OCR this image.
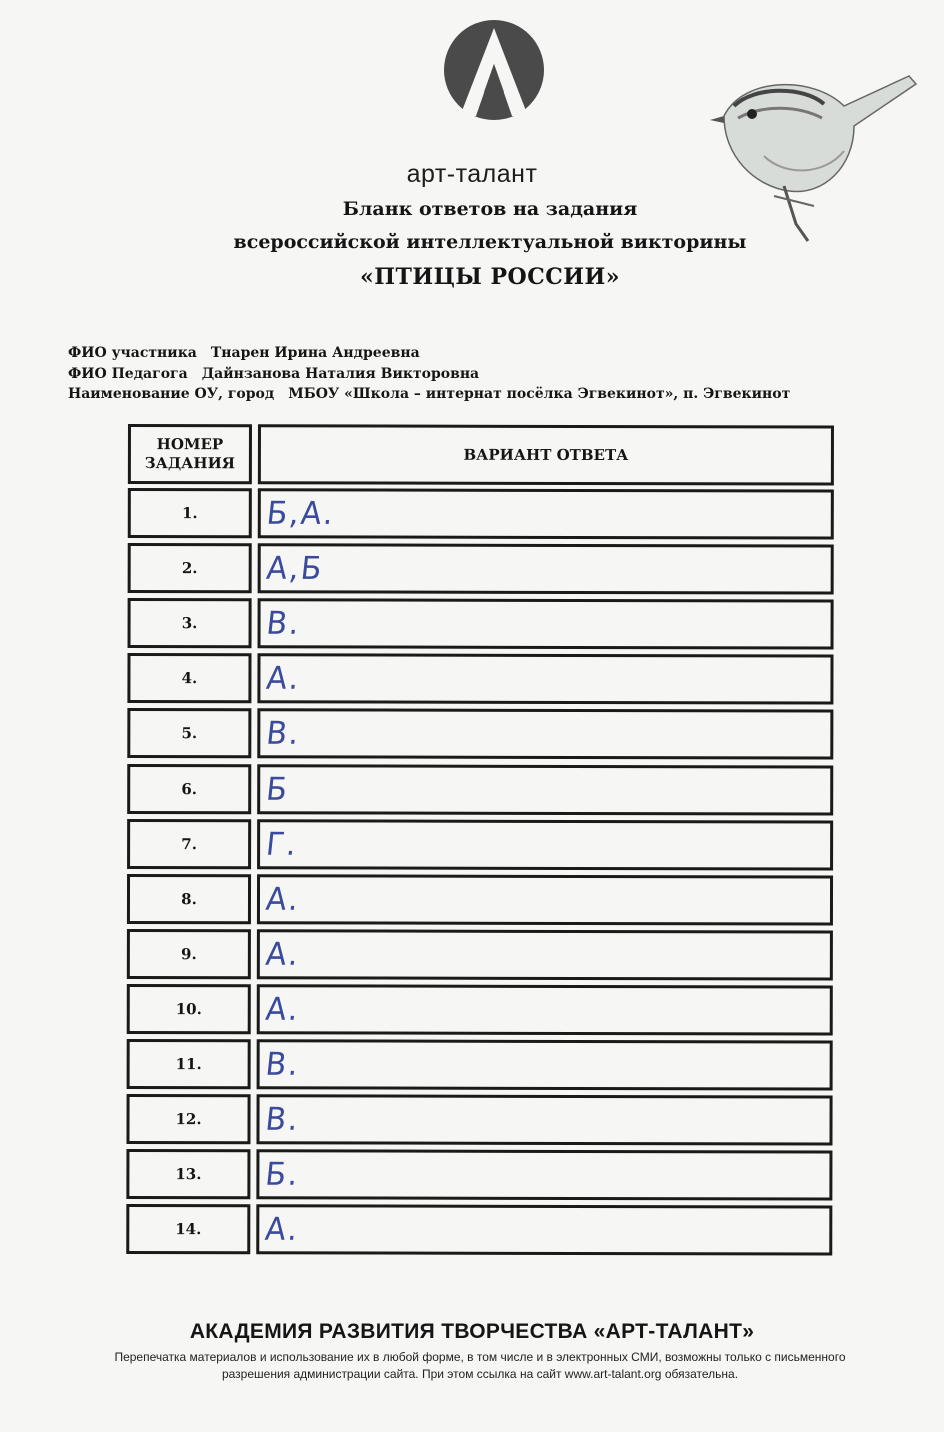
арт-талант
Бланк ответов на задания
всероссийской интеллектуальной викторины
«ПТИЦЫ РОССИИ»
ФИО участника Тнарен Ирина Андреевна
ФИО Педагога Дайнзанова Наталия Викторовна
Наименование ОУ, город МБОУ «Школа – интернат посёлка Эгвекинот», п. Эгвекинот
НОМЕР ЗАДАНИЯ	ВАРИАНТ ОТВЕТА
1.	Б,А.
2.	А,Б
3.	В.
4.	А.
5.	В.
6.	Б
7.	Г.
8.	А.
9.	А.
10.	А.
11.	В.
12.	В.
13.	Б.
14.	А.
АКАДЕМИЯ РАЗВИТИЯ ТВОРЧЕСТВА «АРТ-ТАЛАНТ»
Перепечатка материалов и использование их в любой форме, в том числе и в электронных СМИ, возможны только с письменного разрешения администрации сайта. При этом ссылка на сайт www.art-talant.org обязательна.
